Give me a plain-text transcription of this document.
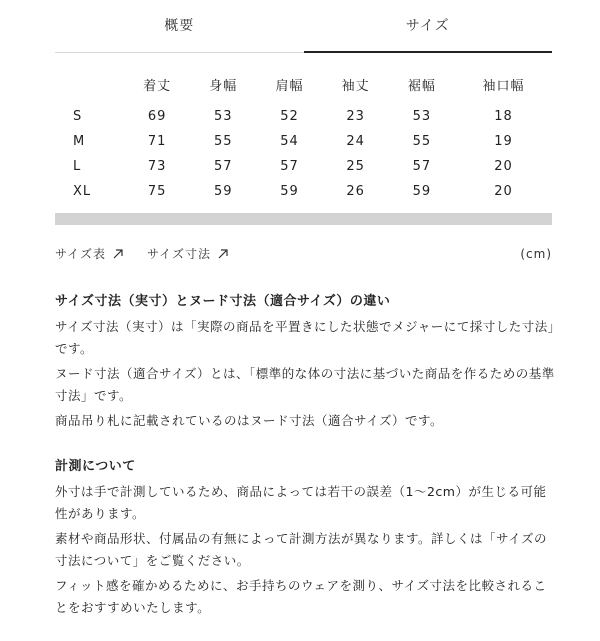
概要	サイズ
	着丈	身幅	肩幅	袖丈	裾幅	袖口幅
S	69	53	52	23	53	18
M	71	55	54	24	55	19
L	73	57	57	25	57	20
XL	75	59	59	26	59	20
サイズ表	サイズ寸法	(cm)
サイズ寸法（実寸）とヌード寸法（適合サイズ）の違い

サイズ寸法（実寸）は「実際の商品を平置きにした状態でメジャーにて採寸した寸法」です。

ヌード寸法（適合サイズ）とは、「標準的な体の寸法に基づいた商品を作るための基準寸法」です。

商品吊り札に記載されているのはヌード寸法（適合サイズ）です。

計測について

外寸は手で計測しているため、商品によっては若干の誤差（1～2cm）が生じる可能性があります。

素材や商品形状、付属品の有無によって計測方法が異なります。詳しくは「サイズの寸法について」をご覧ください。

フィット感を確かめるために、お手持ちのウェアを測り、サイズ寸法を比較されることをおすすめいたします。
